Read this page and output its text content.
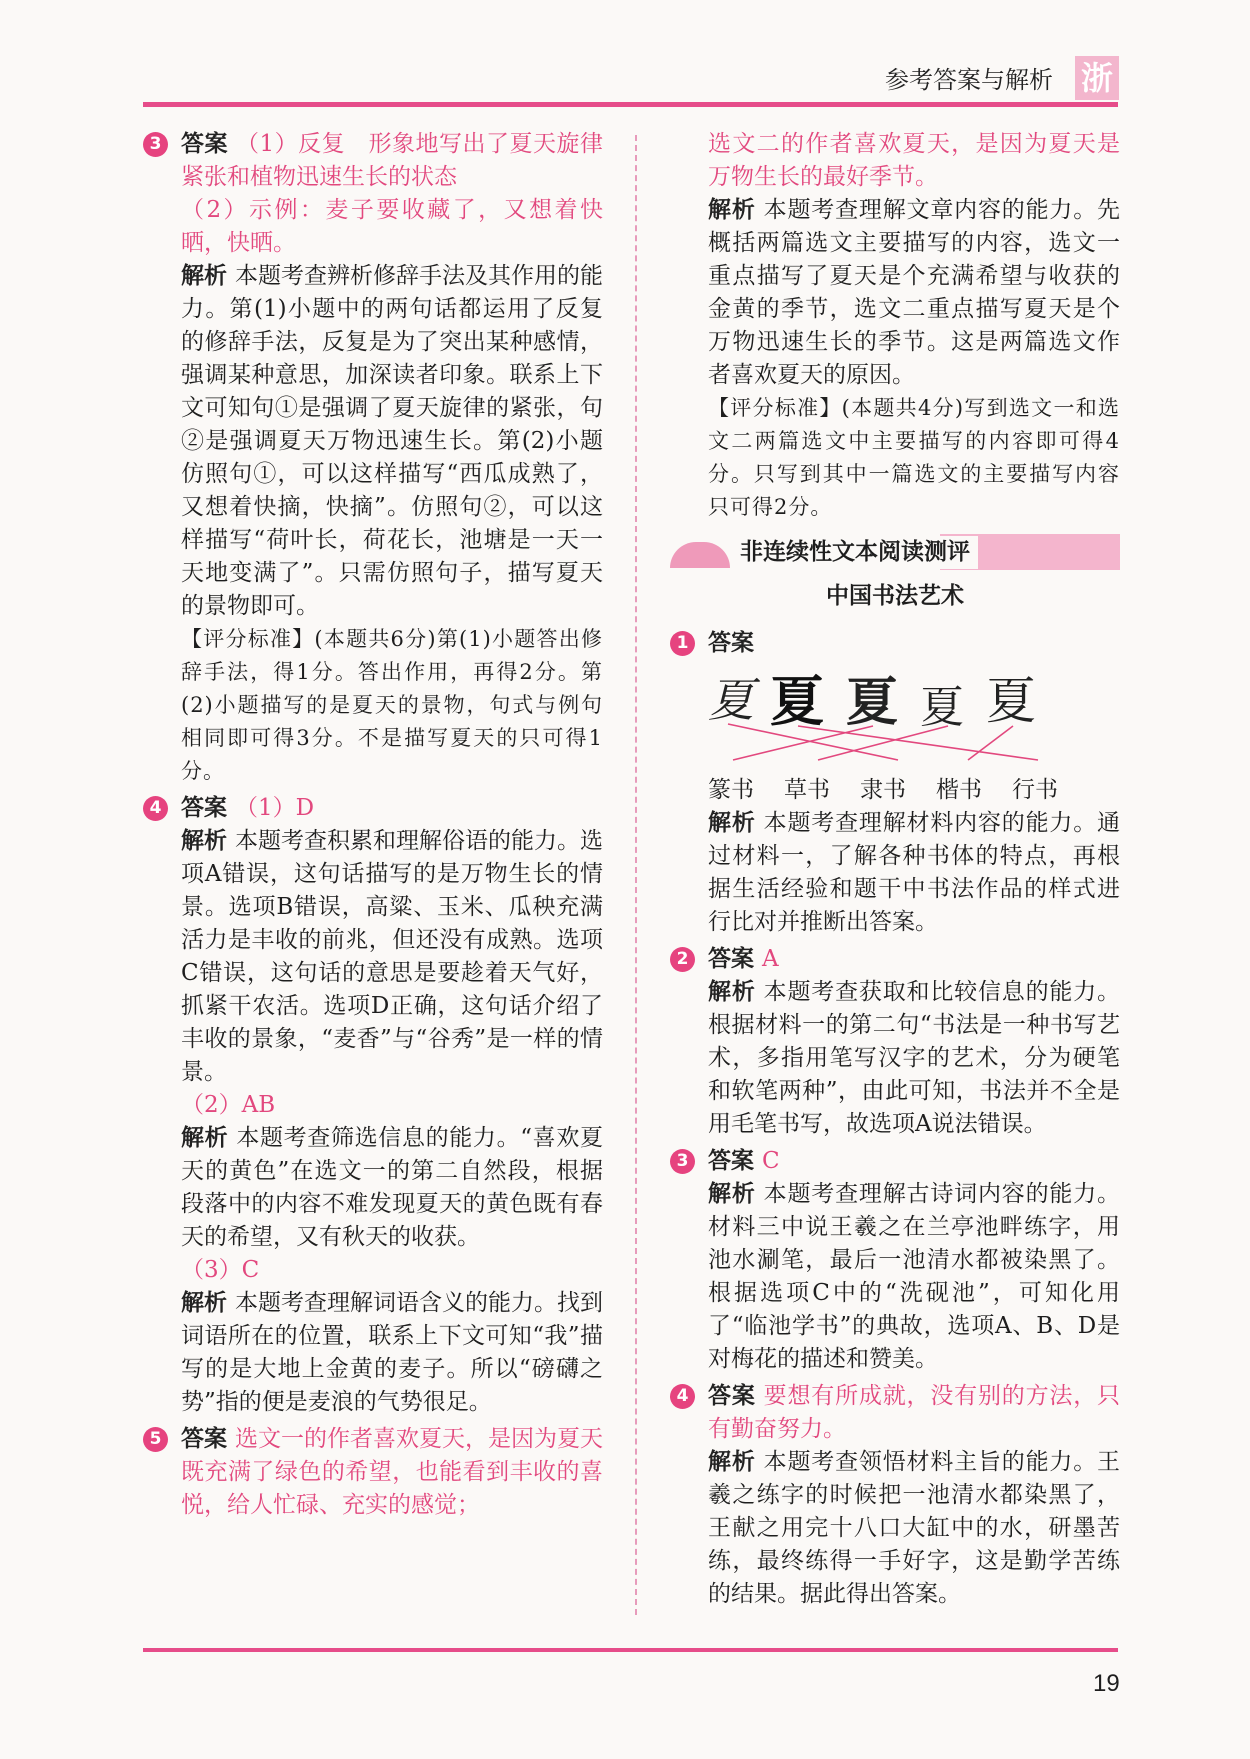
参考答案与解析 浙
3 答案 （1）反复　形象地写出了夏天旋律紧张和植物迅速生长的状态

（2）示例：麦子要收藏了，又想着快晒，快晒。

解析 本题考查辨析修辞手法及其作用的能力。第(1)小题中的两句话都运用了反复的修辞手法，反复是为了突出某种感情，强调某种意思，加深读者印象。联系上下文可知句①是强调了夏天旋律的紧张，句②是强调夏天万物迅速生长。第(2)小题仿照句①，可以这样描写“西瓜成熟了，又想着快摘，快摘”。仿照句②，可以这样描写“荷叶长，荷花长，池塘是一天一天地变满了”。只需仿照句子，描写夏天的景物即可。

【评分标准】(本题共6分)第(1)小题答出修辞手法，得1分。答出作用，再得2分。第(2)小题描写的是夏天的景物，句式与例句相同即可得3分。不是描写夏天的只可得1分。

4 答案 （1）D

解析 本题考查积累和理解俗语的能力。选项A错误，这句话描写的是万物生长的情景。选项B错误，高粱、玉米、瓜秧充满活力是丰收的前兆，但还没有成熟。选项C错误，这句话的意思是要趁着天气好，抓紧干农活。选项D正确，这句话介绍了丰收的景象，“麦香”与“谷秀”是一样的情景。

（2）AB

解析 本题考查筛选信息的能力。“喜欢夏天的黄色”在选文一的第二自然段，根据段落中的内容不难发现夏天的黄色既有春天的希望，又有秋天的收获。

（3）C

解析 本题考查理解词语含义的能力。找到词语所在的位置，联系上下文可知“我”描写的是大地上金黄的麦子。所以“磅礴之势”指的便是麦浪的气势很足。

5 答案 选文一的作者喜欢夏天，是因为夏天既充满了绿色的希望，也能看到丰收的喜悦，给人忙碌、充实的感觉；

选文二的作者喜欢夏天，是因为夏天是万物生长的最好季节。

解析 本题考查理解文章内容的能力。先概括两篇选文主要描写的内容，选文一重点描写了夏天是个充满希望与收获的金黄的季节，选文二重点描写夏天是个万物迅速生长的季节。这是两篇选文作者喜欢夏天的原因。

【评分标准】(本题共4分)写到选文一和选文二两篇选文中主要描写的内容即可得4分。只写到其中一篇选文的主要描写内容只可得2分。

非连续性文本阅读测评
中国书法艺术
1 答案

夏 夏 夏 夏 夏
篆书 草书 隶书 楷书 行书

解析 本题考查理解材料内容的能力。通过材料一，了解各种书体的特点，再根据生活经验和题干中书法作品的样式进行比对并推断出答案。

2 答案 A

解析 本题考查获取和比较信息的能力。根据材料一的第二句“书法是一种书写艺术，多指用笔写汉字的艺术，分为硬笔和软笔两种”，由此可知，书法并不全是用毛笔书写，故选项A说法错误。

3 答案 C

解析 本题考查理解古诗词内容的能力。材料三中说王羲之在兰亭池畔练字，用池水涮笔，最后一池清水都被染黑了。根据选项C中的“洗砚池”，可知化用了“临池学书”的典故，选项A、B、D是对梅花的描述和赞美。

4 答案 要想有所成就，没有别的方法，只有勤奋努力。

解析 本题考查领悟材料主旨的能力。王羲之练字的时候把一池清水都染黑了，王献之用完十八口大缸中的水，研墨苦练，最终练得一手好字，这是勤学苦练的结果。据此得出答案。

19
